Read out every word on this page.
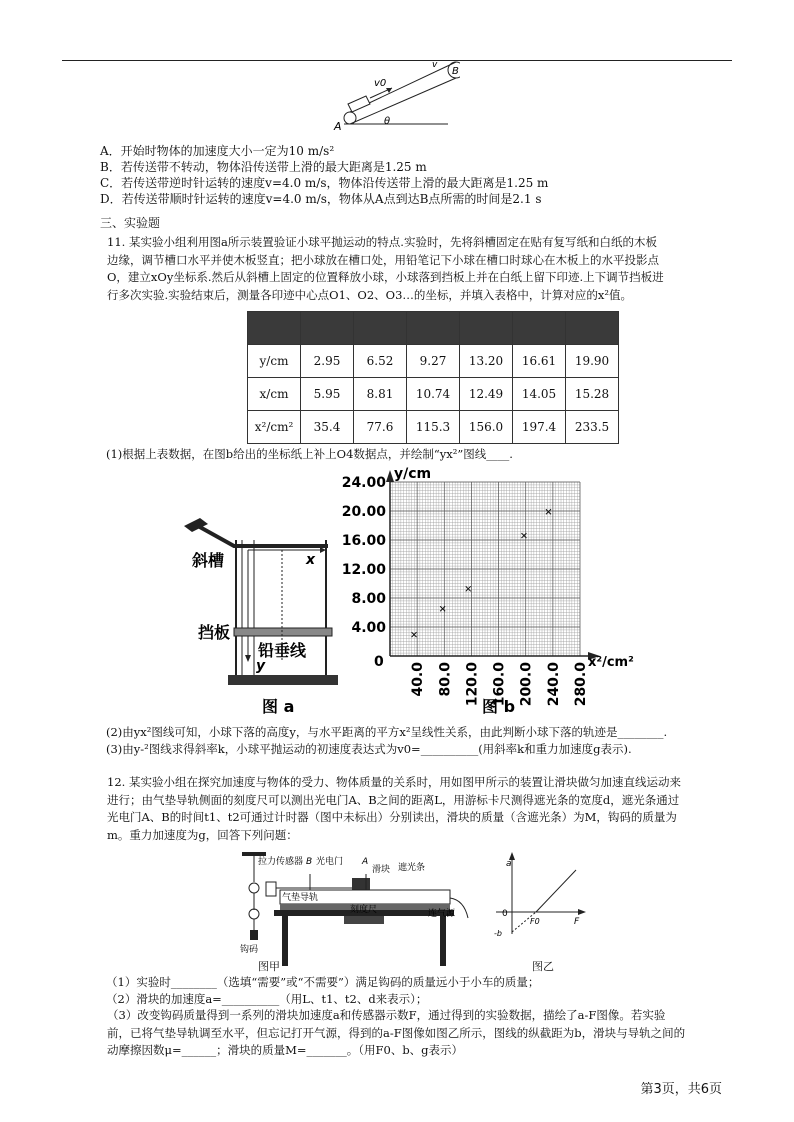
v0
v
B
A	θ
A．开始时物体的加速度大小一定为10 m/s²
B．若传送带不转动，物体沿传送带上滑的最大距离是1.25 m
C．若传送带逆时针运转的速度v=4.0 m/s，物体沿传送带上滑的最大距离是1.25 m
D．若传送带顺时针运转的速度v=4.0 m/s，物体从A点到达B点所需的时间是2.1 s
三、实验题
11. 某实验小组利用图a所示装置验证小球平抛运动的特点.实验时，先将斜槽固定在贴有复写纸和白纸的木板边缘，调节槽口水平并使木板竖直；把小球放在槽口处，用铅笔记下小球在槽口时球心在木板上的水平投影点O，建立xOy坐标系.然后从斜槽上固定的位置释放小球，小球落到挡板上并在白纸上留下印迹.上下调节挡板进行多次实验.实验结束后，测量各印迹中心点O1、O2、O3…的坐标，并填入表格中，计算对应的x²值。

y/cm	2.95	6.52	9.27	13.20	16.61	19.90
x/cm	5.95	8.81	10.74	12.49	14.05	15.28
x²/cm²	35.4	77.6	115.3	156.0	197.4	233.5
(1)根据上表数据，在图b给出的坐标纸上补上O4数据点，并绘制“yx²”图线____.
斜槽
挡板
铅垂线
x
y
图 a
y/cm
x²/cm²
0
24.00
20.00
16.00
12.00
8.00
4.00
40.0 80.0 120.0 160.0 200.0 240.0 280.0
图 b
(2)由yx²图线可知，小球下落的高度y，与水平距离的平方x²呈线性关系，由此判断小球下落的轨迹是________.
(3)由y-²图线求得斜率k，小球平抛运动的初速度表达式为v0=__________(用斜率k和重力加速度g表示).
12. 某实验小组在探究加速度与物体的受力、物体质量的关系时，用如图甲所示的装置让滑块做匀加速直线运动来进行；由气垫导轨侧面的刻度尺可以测出光电门A、B之间的距离L，用游标卡尺测得遮光条的宽度d，遮光条通过光电门A、B的时间t1、t2可通过计时器（图中未标出）分别读出，滑块的质量（含遮光条）为M，钩码的质量为m。重力加速度为g，回答下列问题：
拉力传感器 B 光电门 A
滑块 遮光条
气垫导轨
刻度尺	连气源
钩码
图甲
a
F
0
F0
-b
图乙
（1）实验时________（选填“需要”或“不需要”）满足钩码的质量远小于小车的质量；
（2）滑块的加速度a=__________（用L、t1、t2、d来表示）；
（3）改变钩码质量得到一系列的滑块加速度a和传感器示数F，通过得到的实验数据，描绘了a-F图像。若实验前，已将气垫导轨调至水平，但忘记打开气源，得到的a-F图像如图乙所示，图线的纵截距为b，滑块与导轨之间的动摩擦因数μ=______；滑块的质量M=_______。（用F0、b、g表示）
第3页，共6页
